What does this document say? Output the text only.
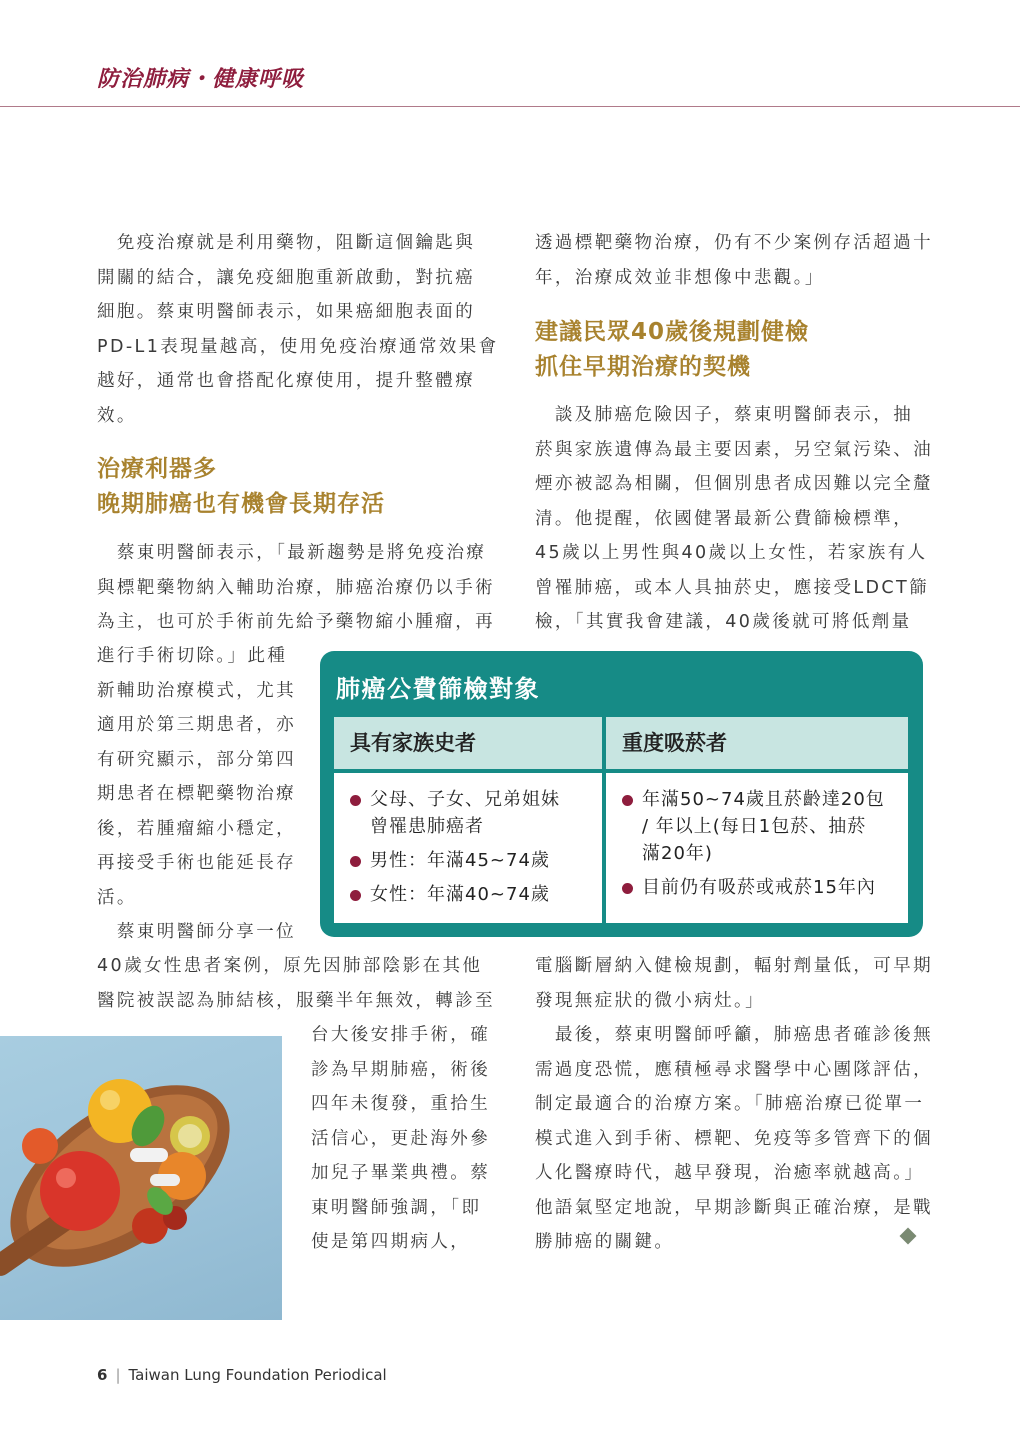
防治肺病・健康呼吸
　免疫治療就是利用藥物，阻斷這個鑰匙與
開關的結合，讓免疫細胞重新啟動，對抗癌
細胞。蔡東明醫師表示，如果癌細胞表面的
PD-L1表現量越高，使用免疫治療通常效果會
越好，通常也會搭配化療使用，提升整體療
效。
治療利器多
晚期肺癌也有機會長期存活
　蔡東明醫師表示，「最新趨勢是將免疫治療
與標靶藥物納入輔助治療，肺癌治療仍以手術
為主，也可於手術前先給予藥物縮小腫瘤，再
進行手術切除。」此種
新輔助治療模式，尤其
適用於第三期患者，亦
有研究顯示，部分第四
期患者在標靶藥物治療
後，若腫瘤縮小穩定，
再接受手術也能延長存
活。
　蔡東明醫師分享一位
40歲女性患者案例，原先因肺部陰影在其他
醫院被誤認為肺結核，服藥半年無效，轉診至
台大後安排手術，確
診為早期肺癌，術後
四年未復發，重拾生
活信心，更赴海外參
加兒子畢業典禮。蔡
東明醫師強調，「即
使是第四期病人，
透過標靶藥物治療，仍有不少案例存活超過十
年，治療成效並非想像中悲觀。」
建議民眾40歲後規劃健檢
抓住早期治療的契機
　談及肺癌危險因子，蔡東明醫師表示，抽
菸與家族遺傳為最主要因素，另空氣污染、油
煙亦被認為相關，但個別患者成因難以完全釐
清。他提醒，依國健署最新公費篩檢標準，
45歲以上男性與40歲以上女性，若家族有人
曾罹肺癌，或本人具抽菸史，應接受LDCT篩
檢，「其實我會建議，40歲後就可將低劑量
電腦斷層納入健檢規劃，輻射劑量低，可早期
發現無症狀的微小病灶。」
　最後，蔡東明醫師呼籲，肺癌患者確診後無
需過度恐慌，應積極尋求醫學中心團隊評估，
制定最適合的治療方案。「肺癌治療已從單一
模式進入到手術、標靶、免疫等多管齊下的個
人化醫療時代，越早發現，治癒率就越高。」
他語氣堅定地說，早期診斷與正確治療，是戰
勝肺癌的關鍵。
肺癌公費篩檢對象
具有家族史者	重度吸菸者
父母、子女、兄弟姐妹
曾罹患肺癌者
男性：年滿45~74歲
女性：年滿40~74歲
年滿50~74歲且菸齡達20包
/ 年以上(每日1包菸、抽菸
滿20年)
目前仍有吸菸或戒菸15年內
6 | Taiwan Lung Foundation Periodical
